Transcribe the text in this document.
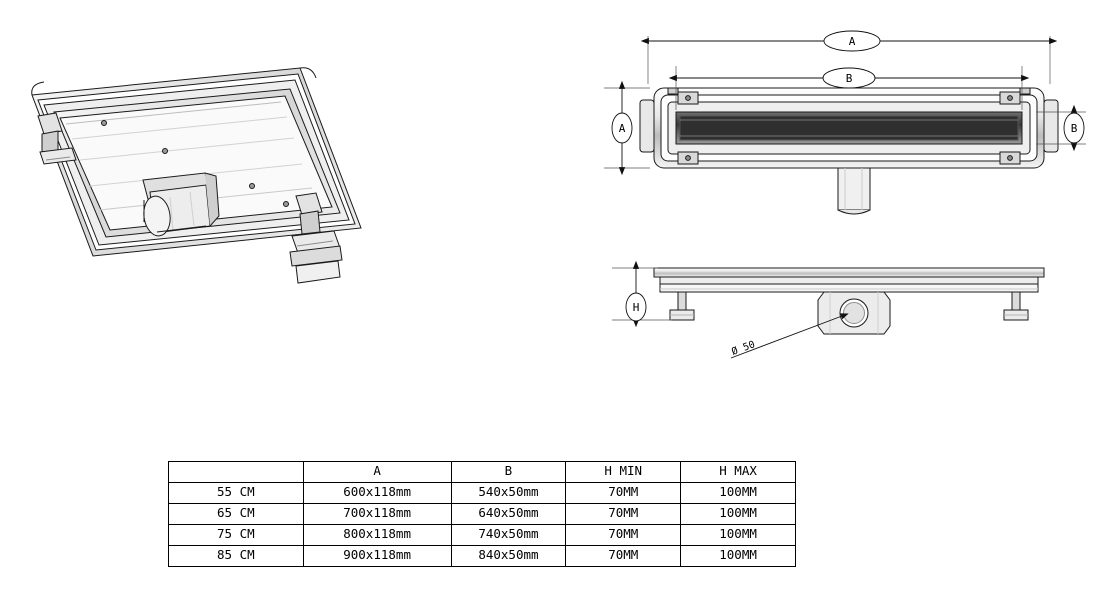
A
B
A	B
H
Ø 50
	A	B	H MIN	H MAX
55 CM	600x118mm	540x50mm	70MM	100MM
65 CM	700x118mm	640x50mm	70MM	100MM
75 CM	800x118mm	740x50mm	70MM	100MM
85 CM	900x118mm	840x50mm	70MM	100MM
